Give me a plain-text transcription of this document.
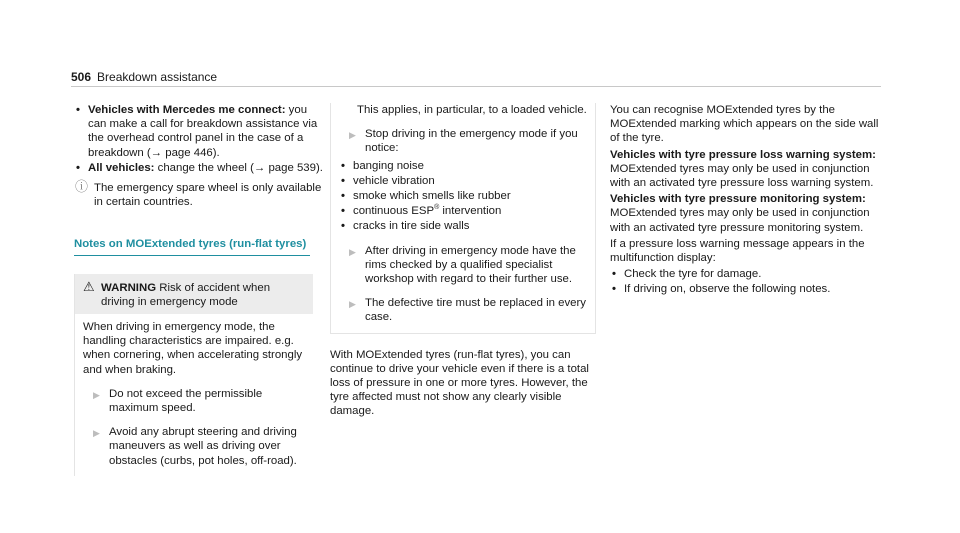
506 Breakdown assistance

• Vehicles with Mercedes me connect: you can make a call for breakdown assistance via the overhead control panel in the case of a breakdown (→ page 446).

• All vehicles: change the wheel (→ page 539).

ⓘ The emergency spare wheel is only available in certain countries.
Notes on MOExtended tyres (run-flat tyres)
⚠ WARNING Risk of accident when driving in emergency mode

When driving in emergency mode, the handling characteristics are impaired. e.g. when cornering, when accelerating strongly and when braking.

▶ Do not exceed the permissible maximum speed.
▶ Avoid any abrupt steering and driving maneuvers as well as driving over obstacles (curbs, pot holes, off-road).

This applies, in particular, to a loaded vehicle.

▶ Stop driving in the emergency mode if you notice:

• banging noise

• vehicle vibration

• smoke which smells like rubber

• continuous ESP® intervention

• cracks in tire side walls

▶ After driving in emergency mode have the rims checked by a qualified specialist workshop with regard to their further use.
▶ The defective tire must be replaced in every case.

With MOExtended tyres (run-flat tyres), you can continue to drive your vehicle even if there is a total loss of pressure in one or more tyres. However, the tyre affected must not show any clearly visible damage.

You can recognise MOExtended tyres by the MOExtended marking which appears on the side wall of the tyre.

Vehicles with tyre pressure loss warning system: MOExtended tyres may only be used in conjunction with an activated tyre pressure loss warning system.

Vehicles with tyre pressure monitoring system: MOExtended tyres may only be used in conjunction with an activated tyre pressure monitoring system.

If a pressure loss warning message appears in the multifunction display:

• Check the tyre for damage.

• If driving on, observe the following notes.
